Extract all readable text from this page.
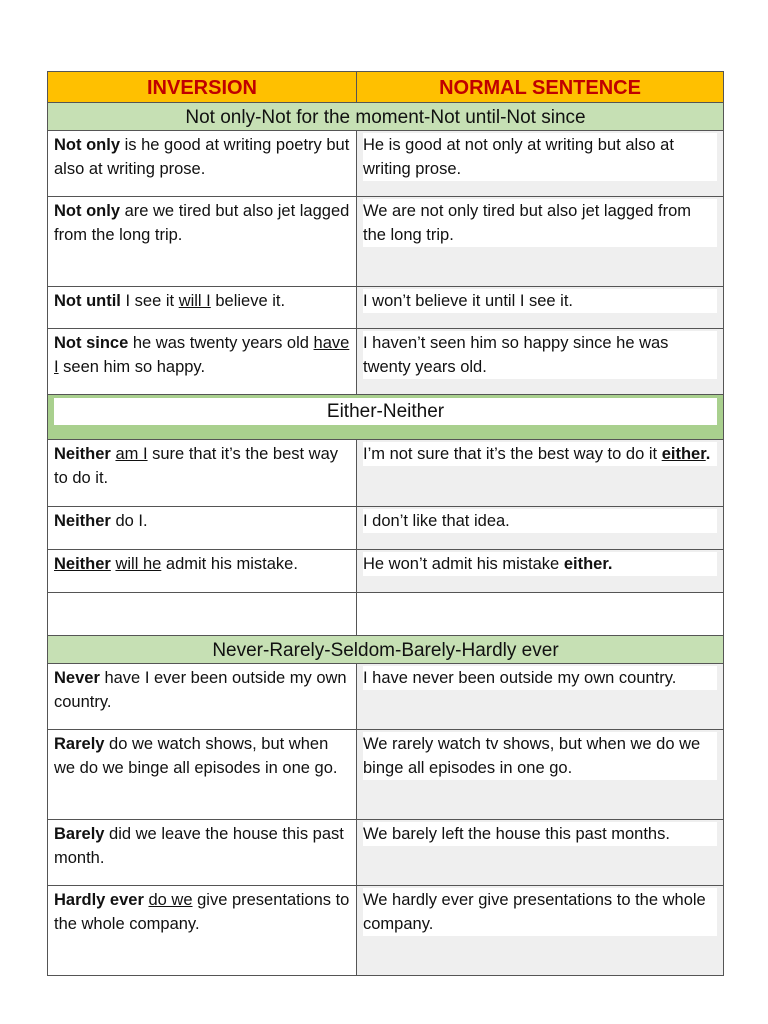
INVERSION	NORMAL SENTENCE
Not only-Not for the moment-Not until-Not since	
Not only is he good at writing poetry but also at writing prose.	He is good at not only at writing but also at writing prose.

Not only are we tired but also jet lagged from the long trip.	We are not only tired but also jet lagged from the long trip.

Not until I see it will I believe it.	I won’t believe it until I see it.

Not since he was twenty years old have I seen him so happy.	I haven’t seen him so happy since he was twenty years old.

Either-Neither	

Neither am I sure that it’s the best way to do it.	I’m not sure that it’s the best way to do it either.

Neither do I.	I don’t like that idea.

Neither will he admit his mistake.	He won’t admit his mistake either.

Never-Rarely-Seldom-Barely-Hardly ever	
Never have I ever been outside my own country.	I have never been outside my own country.

Rarely do we watch shows, but when we do we binge all episodes in one go.	We rarely watch tv shows, but when we do we binge all episodes in one go.

Barely did we leave the house this past month.	We barely left the house this past months.

Hardly ever do we give presentations to the whole company.	We hardly ever give presentations to the whole company.
